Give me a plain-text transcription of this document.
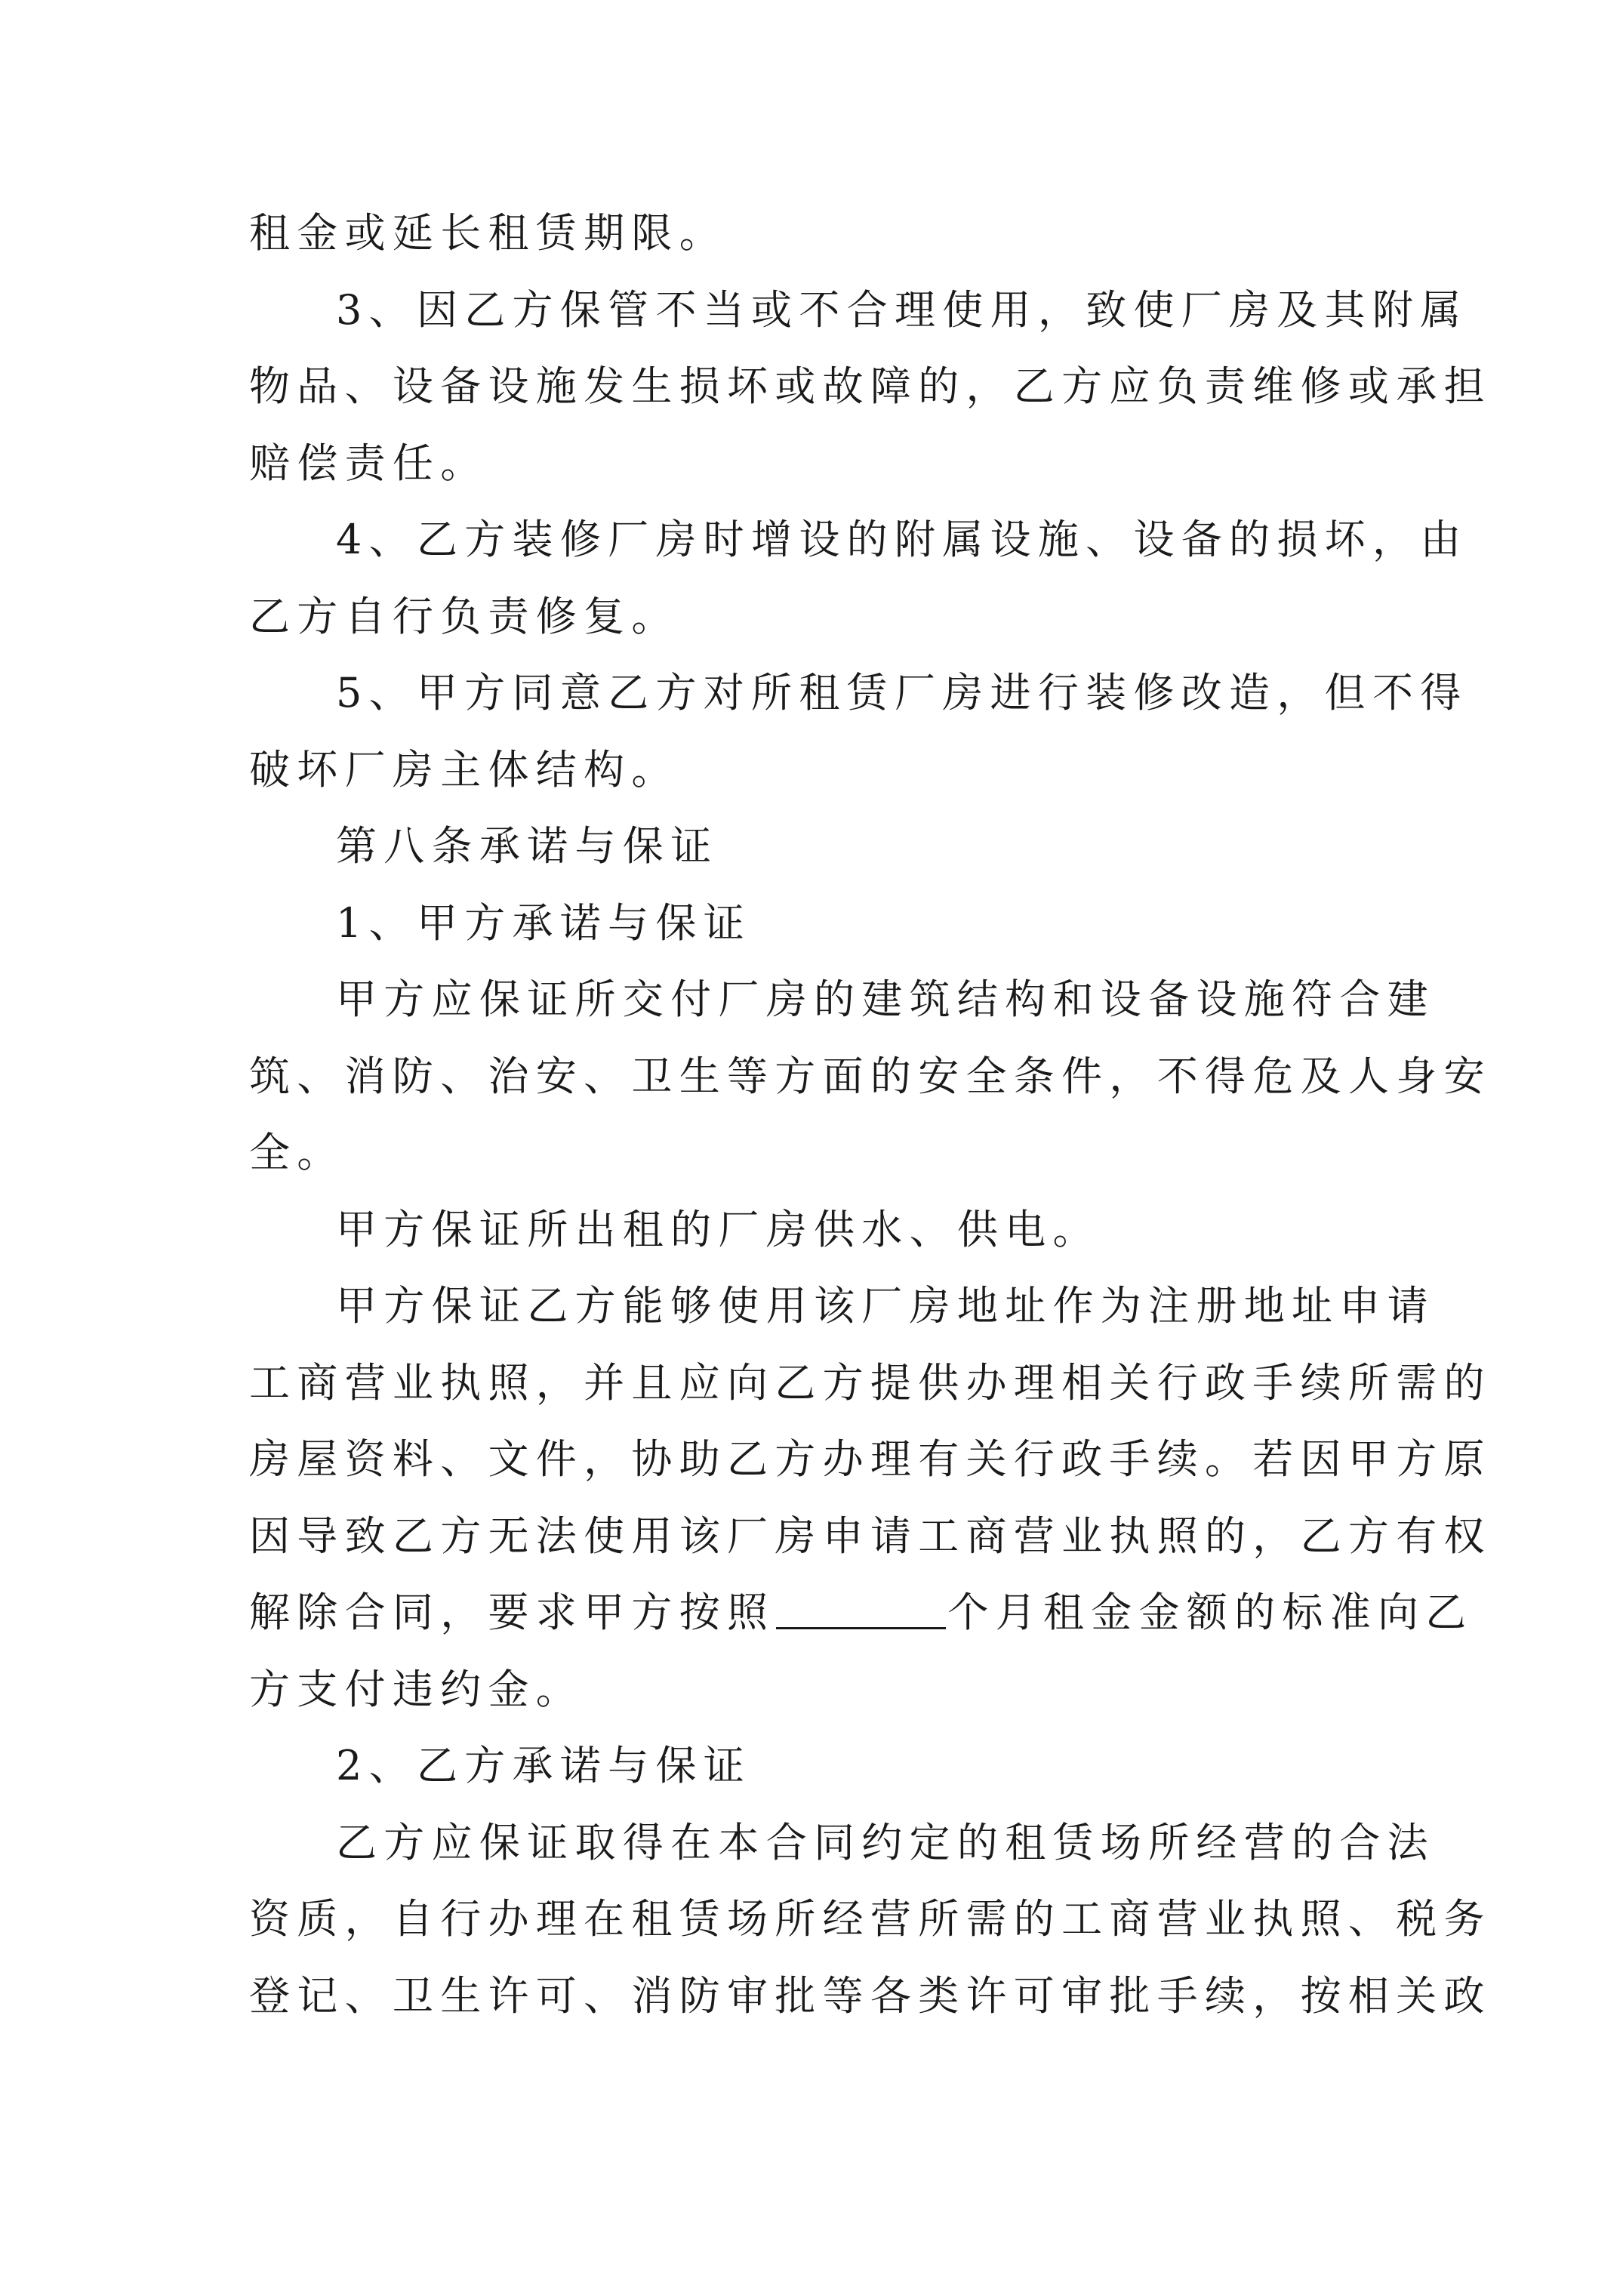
租金或延长租赁期限。
3、因乙方保管不当或不合理使用，致使厂房及其附属
物品、设备设施发生损坏或故障的，乙方应负责维修或承担
赔偿责任。
4、乙方装修厂房时增设的附属设施、设备的损坏，由
乙方自行负责修复。
5、甲方同意乙方对所租赁厂房进行装修改造，但不得
破坏厂房主体结构。
第八条承诺与保证
1、甲方承诺与保证
甲方应保证所交付厂房的建筑结构和设备设施符合建
筑、消防、治安、卫生等方面的安全条件，不得危及人身安
全。
甲方保证所出租的厂房供水、供电。
甲方保证乙方能够使用该厂房地址作为注册地址申请
工商营业执照，并且应向乙方提供办理相关行政手续所需的
房屋资料、文件，协助乙方办理有关行政手续。若因甲方原
因导致乙方无法使用该厂房申请工商营业执照的，乙方有权
解除合同，要求甲方按照	个月租金金额的标准向乙
方支付违约金。
2、乙方承诺与保证
乙方应保证取得在本合同约定的租赁场所经营的合法
资质，自行办理在租赁场所经营所需的工商营业执照、税务
登记、卫生许可、消防审批等各类许可审批手续，按相关政
